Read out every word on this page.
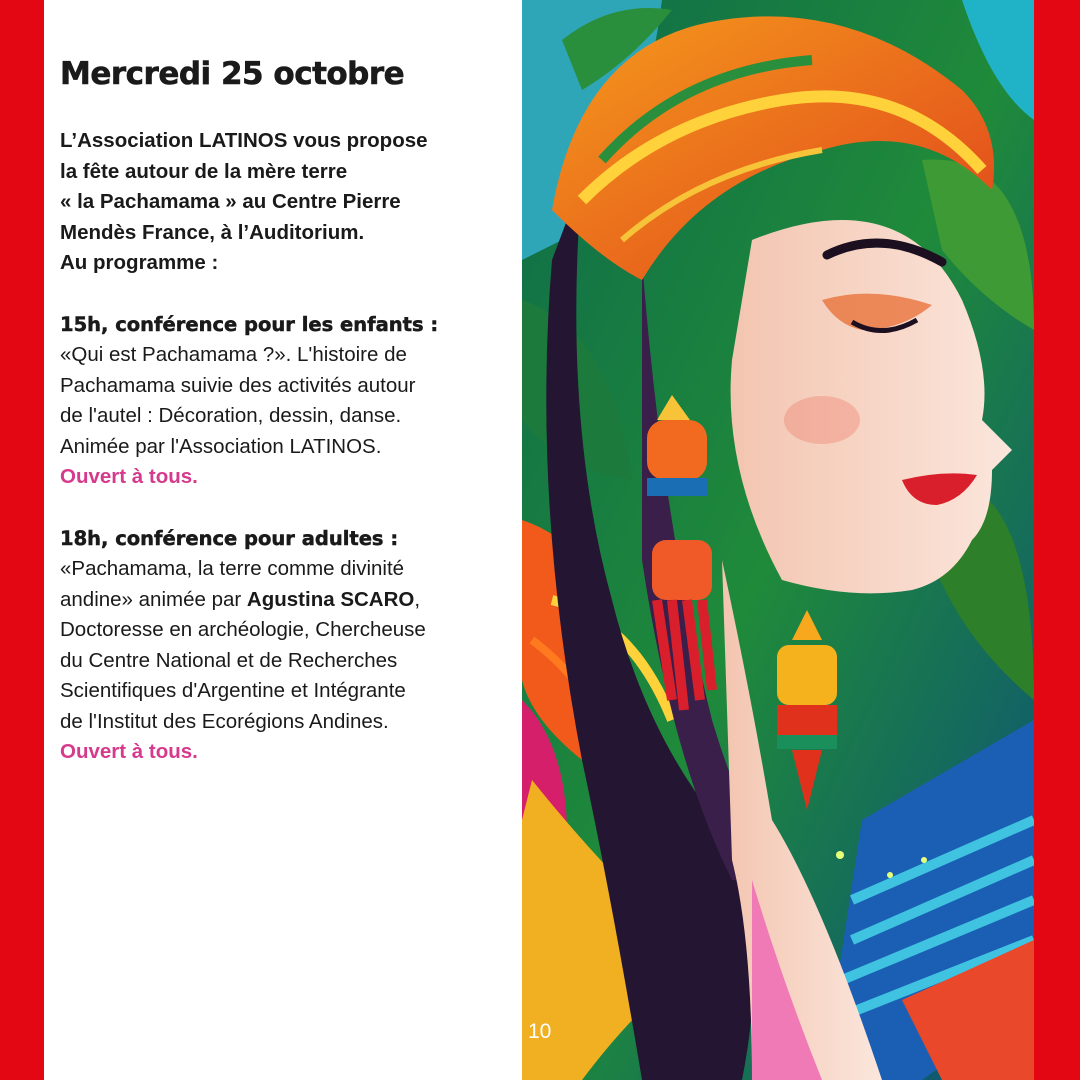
Mercredi 25 octobre

L’Association LATINOS vous propose

la fête autour de la mère terre

« la Pachamama » au Centre Pierre

Mendès France, à l’Auditorium.

Au programme :

15h, conférence pour les enfants :

«Qui est Pachamama ?». L'histoire de

Pachamama suivie des activités autour

de l'autel : Décoration, dessin, danse.

Animée par l'Association LATINOS.

Ouvert à tous.
18h, conférence pour adultes :

«Pachamama, la terre comme divinité

andine» animée par Agustina SCARO,

Doctoresse en archéologie, Chercheuse

du Centre National et de Recherches

Scientifiques d'Argentine et Intégrante

de l'Institut des Ecorégions Andines.

Ouvert à tous.
10
